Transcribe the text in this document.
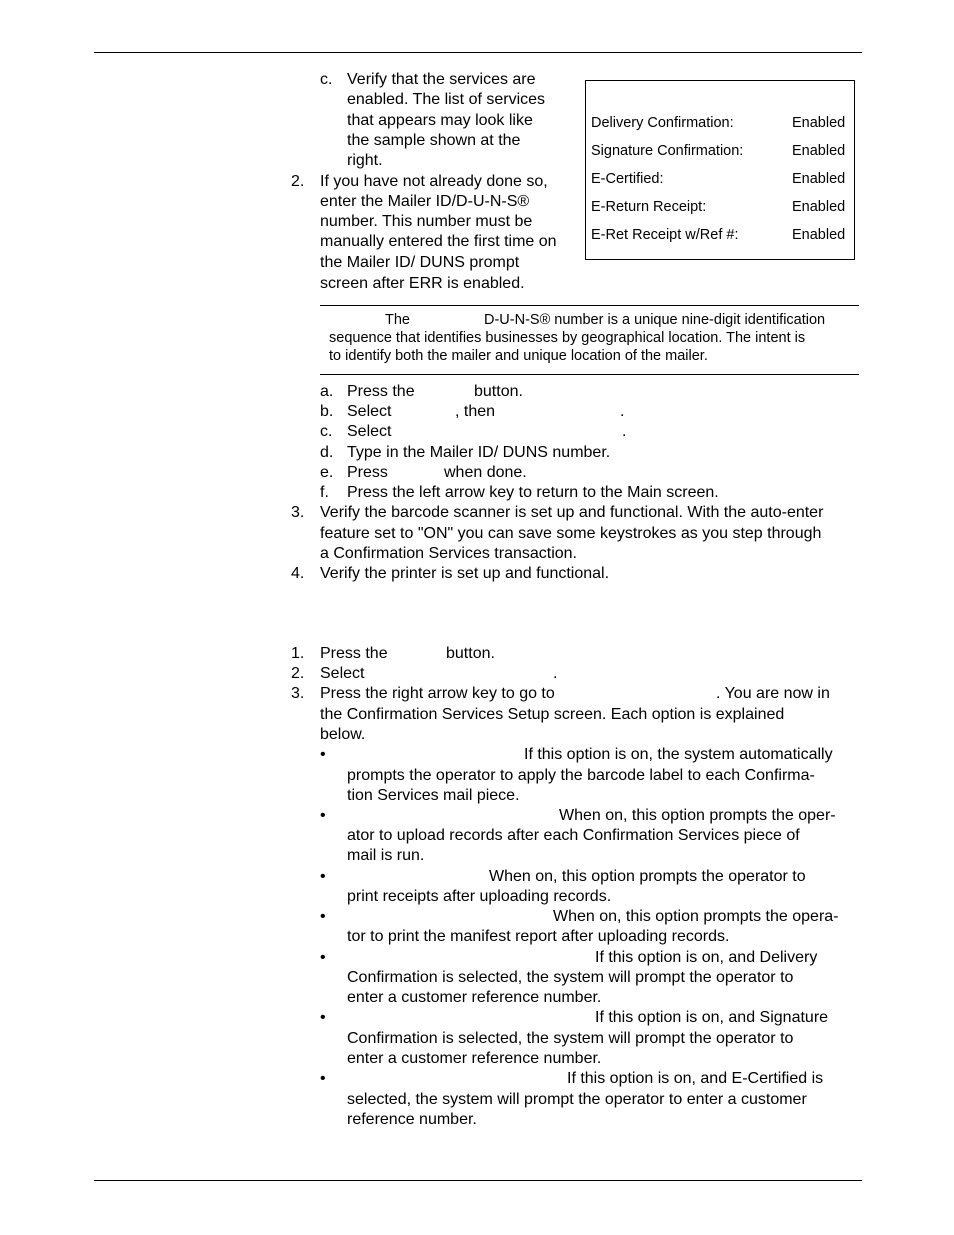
c. Verify that the services are
enabled. The list of services
that appears may look like
the sample shown at the
right.
Delivery Confirmation:	Enabled
Signature Confirmation:	Enabled
E-Certified:	Enabled
E-Return Receipt:	Enabled
E-Ret Receipt w/Ref #:	Enabled
2. If you have not already done so,
enter the Mailer ID/D-U-N-S®
number. This number must be
manually entered the first time on
the Mailer ID/ DUNS prompt
screen after ERR is enabled.
The	D-U-N-S® number is a unique nine-digit identification
sequence that identifies businesses by geographical location. The intent is
to identify both the mailer and unique location of the mailer.
a. Press the	button.
b. Select	, then	.
c. Select	.
d. Type in the Mailer ID/ DUNS number.
e. Press	when done.
f. Press the left arrow key to return to the Main screen.
3. Verify the barcode scanner is set up and functional. With the auto-enter
feature set to "ON" you can save some keystrokes as you step through
a Confirmation Services transaction.
4. Verify the printer is set up and functional.
1. Press the	button.
2. Select	.
3. Press the right arrow key to go to	. You are now in
the Confirmation Services Setup screen. Each option is explained
below.
•	If this option is on, the system automatically
prompts the operator to apply the barcode label to each Confirma-
tion Services mail piece.
•	When on, this option prompts the oper-
ator to upload records after each Confirmation Services piece of
mail is run.
•	When on, this option prompts the operator to
print receipts after uploading records.
•	When on, this option prompts the opera-
tor to print the manifest report after uploading records.
•	If this option is on, and Delivery
Confirmation is selected, the system will prompt the operator to
enter a customer reference number.
•	If this option is on, and Signature
Confirmation is selected, the system will prompt the operator to
enter a customer reference number.
•	If this option is on, and E-Certified is
selected, the system will prompt the operator to enter a customer
reference number.
